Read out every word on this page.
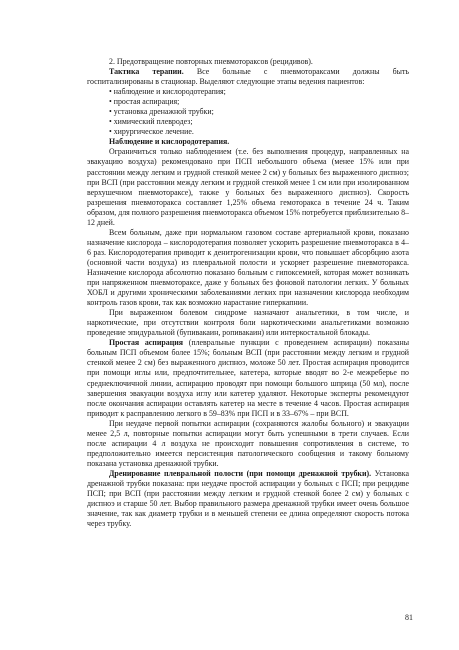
2. Предотвращение повторных пневмотораксов (рецидивов).

Тактика терапии. Все больные с пневмотораксами должны быть

госпитализированы в стационар. Выделяют следующие этапы ведения пациентов:

• наблюдение и кислородотерапия;

• простая аспирация;

• установка дренажной трубки;

• химический плевродез;

• хирургическое лечение.

Наблюдение и кислородотерапия.

Ограничиться только наблюдением (т.е. без выполнения процедур, направленных на эвакуацию воздуха) рекомендовано при ПСП небольшого объема (менее 15% или при расстоянии между легким и грудной стенкой менее 2 см) у больных без выраженного диспноэ; при ВСП (при расстоянии между легким и грудной стенкой менее 1 см или при изолированном верхушечном пневмотораксе), также у больных без выраженного диспноэ). Скорость разрешения пневмоторакса составляет 1,25% объема гемоторакса в течение 24 ч. Таким образом, для полного разрешения пневмоторакса объемом 15% потребуется приблизительно 8–12 дней.

Всем больным, даже при нормальном газовом составе артериальной крови, показано назначение кислорода – кислородотерапия позволяет ускорить разрешение пневмоторакса в 4–6 раз. Кислородотерапия приводит к денитрогенизации крови, что повышает абсорбцию азота (основной части воздуха) из плевральной полости и ускоряет разрешение пневмоторакса. Назначение кислорода абсолютно показано больным с гипоксемией, которая может возникать при напряженном пневмотораксе, даже у больных без фоновой патологии легких. У больных ХОБЛ и другими хроническими заболеваниями легких при назначении кислорода необходим контроль газов крови, так как возможно нарастание гиперкапнии.

При выраженном болевом синдроме назначают анальгетики, в том числе, и наркотические, при отсутствии контроля боли наркотическими анальгетиками возможно проведение эпидуральной (бупивакаин, ропивакаин) или интеркостальной блокады.

Простая аспирация (плевральные пункции с проведением аспирации) показаны больным ПСП объемом более 15%; больным ВСП (при расстоянии между легким и грудной стенкой менее 2 см) без выраженного диспноэ, моложе 50 лет. Простая аспирация проводится при помощи иглы или, предпочтительнее, катетера, которые вводят во 2-е межреберье по среднеключичной линии, аспирацию проводят при помощи большого шприца (50 мл), после завершения эвакуации воздуха иглу или катетер удаляют. Некоторые эксперты рекомендуют после окончания аспирации оставлять катетер на месте в течение 4 часов. Простая аспирация приводит к расправлению легкого в 59–83% при ПСП и в 33–67% – при ВСП.

При неудаче первой попытки аспирации (сохраняются жалобы больного) и эвакуации менее 2,5 л, повторные попытки аспирации могут быть успешными в трети случаев. Если после аспирации 4 л воздуха не происходит повышения сопротивления в системе, то предположительно имеется персистенция патологического сообщения и такому больному показана установка дренажной трубки.

Дренирование плевральной полости (при помощи дренажной трубки). Установка дренажной трубки показана: при неудаче простой аспирации у больных с ПСП; при рецидиве ПСП; при ВСП (при расстоянии между легким и грудной стенкой более 2 см) у больных с диспноэ и старше 50 лет. Выбор правильного размера дренажной трубки имеет очень большое значение, так как диаметр трубки и в меньшей степени ее длина определяют скорость потока через трубку.

81
